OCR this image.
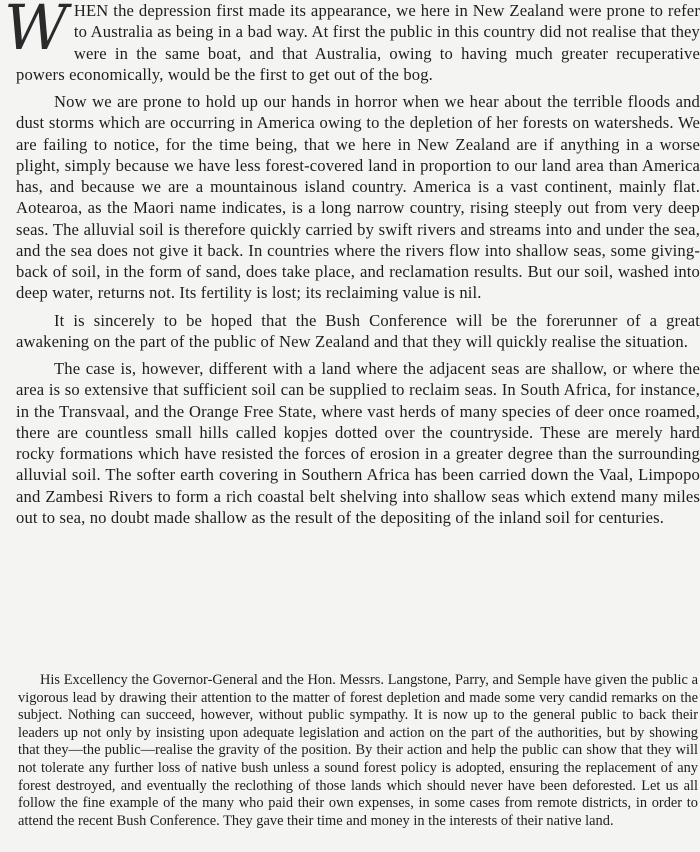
WHEN the depression first made its appearance, we here in New Zealand were prone to refer to Australia as being in a bad way. At first the public in this country did not realise that they were in the same boat, and that Australia, owing to having much greater recuperative powers economically, would be the first to get out of the bog.

Now we are prone to hold up our hands in horror when we hear about the terrible floods and dust storms which are occurring in America owing to the depletion of her forests on watersheds. We are failing to notice, for the time being, that we here in New Zealand are if anything in a worse plight, simply because we have less forest-covered land in proportion to our land area than America has, and because we are a mountainous island country. America is a vast continent, mainly flat. Aotearoa, as the Maori name indicates, is a long narrow country, rising steeply out from very deep seas. The alluvial soil is therefore quickly carried by swift rivers and streams into and under the sea, and the sea does not give it back. In countries where the rivers flow into shallow seas, some giving-back of soil, in the form of sand, does take place, and reclamation results. But our soil, washed into deep water, returns not. Its fertility is lost; its reclaiming value is nil.

It is sincerely to be hoped that the Bush Conference will be the forerunner of a great awakening on the part of the public of New Zealand and that they will quickly realise the situation.

The case is, however, different with a land where the adjacent seas are shallow, or where the area is so extensive that sufficient soil can be supplied to reclaim seas. In South Africa, for instance, in the Transvaal, and the Orange Free State, where vast herds of many species of deer once roamed, there are countless small hills called kopjes dotted over the countryside. These are merely hard rocky formations which have resisted the forces of erosion in a greater degree than the surrounding alluvial soil. The softer earth covering in Southern Africa has been carried down the Vaal, Limpopo and Zambesi Rivers to form a rich coastal belt shelving into shallow seas which extend many miles out to sea, no doubt made shallow as the result of the depositing of the inland soil for centuries.

His Excellency the Governor-General and the Hon. Messrs. Langstone, Parry, and Semple have given the public a vigorous lead by drawing their attention to the matter of forest depletion and made some very candid remarks on the subject. Nothing can succeed, however, without public sympathy. It is now up to the general public to back their leaders up not only by insisting upon adequate legislation and action on the part of the authorities, but by showing that they—the public—realise the gravity of the position. By their action and help the public can show that they will not tolerate any further loss of native bush unless a sound forest policy is adopted, ensuring the replacement of any forest destroyed, and eventually the reclothing of those lands which should never have been deforested. Let us all follow the fine example of the many who paid their own expenses, in some cases from remote districts, in order to attend the recent Bush Conference. They gave their time and money in the interests of their native land.
